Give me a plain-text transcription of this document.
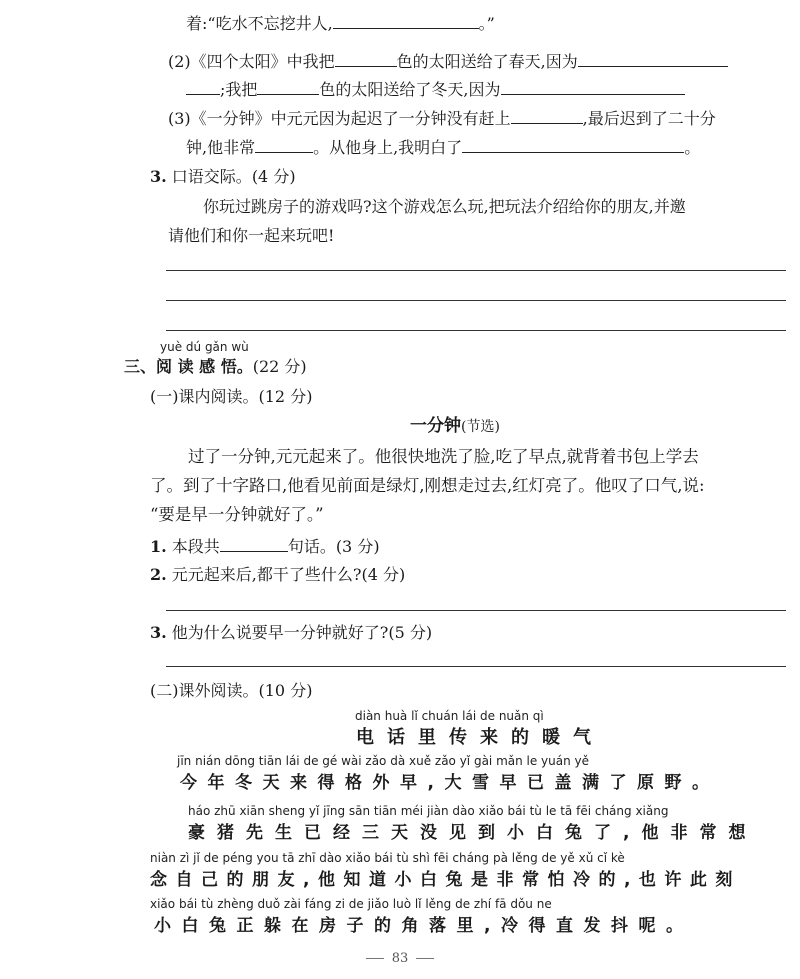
着:“吃水不忘挖井人,	。”
(2)《四个太阳》中我把	色的太阳送给了春天,因为
;我把	色的太阳送给了冬天,因为
(3)《一分钟》中元元因为起迟了一分钟没有赶上	,最后迟到了二十分
钟,他非常	。从他身上,我明白了	。
3. 口语交际。(4 分)
你玩过跳房子的游戏吗?这个游戏怎么玩,把玩法介绍给你的朋友,并邀
请他们和你一起来玩吧!
yuè dú gǎn wù
三、阅 读 感 悟。(22 分)
(一)课内阅读。(12 分)
一分钟(节选)
过了一分钟,元元起来了。他很快地洗了脸,吃了早点,就背着书包上学去
了。到了十字路口,他看见前面是绿灯,刚想走过去,红灯亮了。他叹了口气,说:
“要是早一分钟就好了。”
1. 本段共	句话。(3 分)
2. 元元起来后,都干了些什么?(4 分)
3. 他为什么说要早一分钟就好了?(5 分)
(二)课外阅读。(10 分)
diàn huà lǐ chuán lái de nuǎn qì
电话里传来的暖气
jīn nián dōng tiān lái de gé wài zǎo dà xuě zǎo yǐ gài mǎn le yuán yě
今年冬天来得格外早,大雪早已盖满了原野。
háo zhū xiān sheng yǐ jīng sān tiān méi jiàn dào xiǎo bái tù le tā fēi cháng xiǎng
豪猪先生已经三天没见到小白兔了,他非常想
niàn zì jǐ de péng you tā zhī dào xiǎo bái tù shì fēi cháng pà lěng de yě xǔ cǐ kè
念自己的朋友,他知道小白兔是非常怕冷的,也许此刻
xiǎo bái tù zhèng duǒ zài fáng zi de jiǎo luò lǐ lěng de zhí fā dǒu ne
小白兔正躲在房子的角落里,冷得直发抖呢。
83
